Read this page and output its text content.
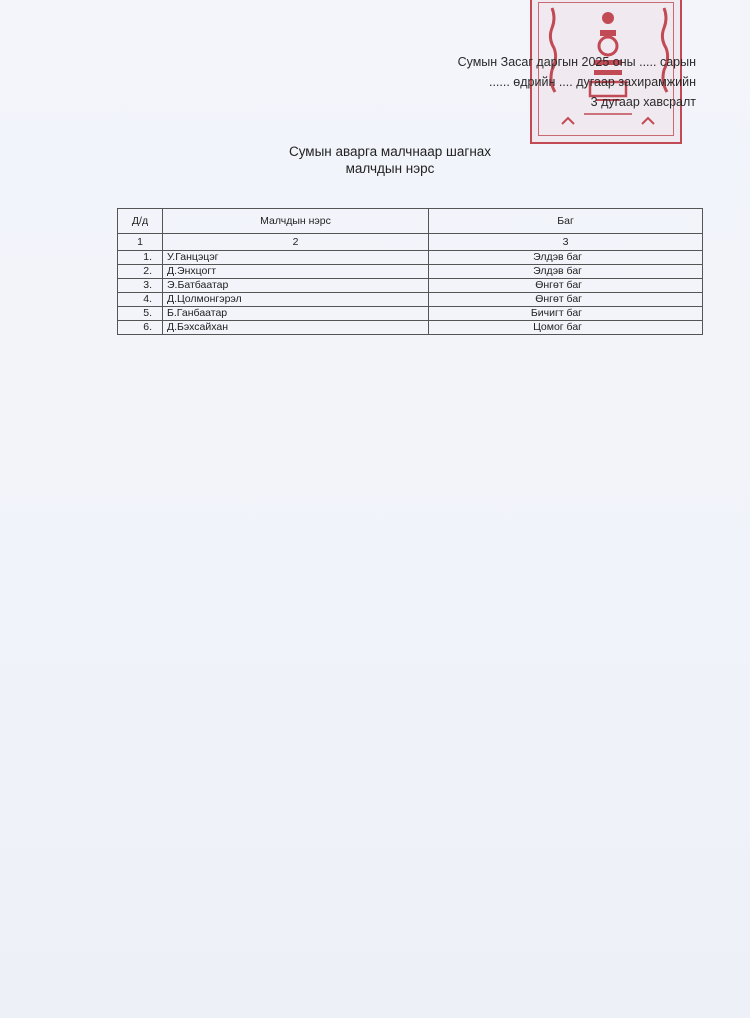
Сумын Засаг даргын 2025 оны ..... сарын
...... өдрийн .... дугаар захирамжийн
3 дугаар хавсралт
Сумын аварга малчнаар шагнах
малчдын нэрс
Д/д	Малчдын нэрс	Баг
1	2	3
1.	У.Ганцэцэг	Элдэв баг
2.	Д.Энхцогт	Элдэв баг
3.	Э.Батбаатар	Өнгөт баг
4.	Д.Цолмонгэрэл	Өнгөт баг
5.	Б.Ганбаатар	Бичигт баг
6.	Д.Бэхсайхан	Цомог баг
